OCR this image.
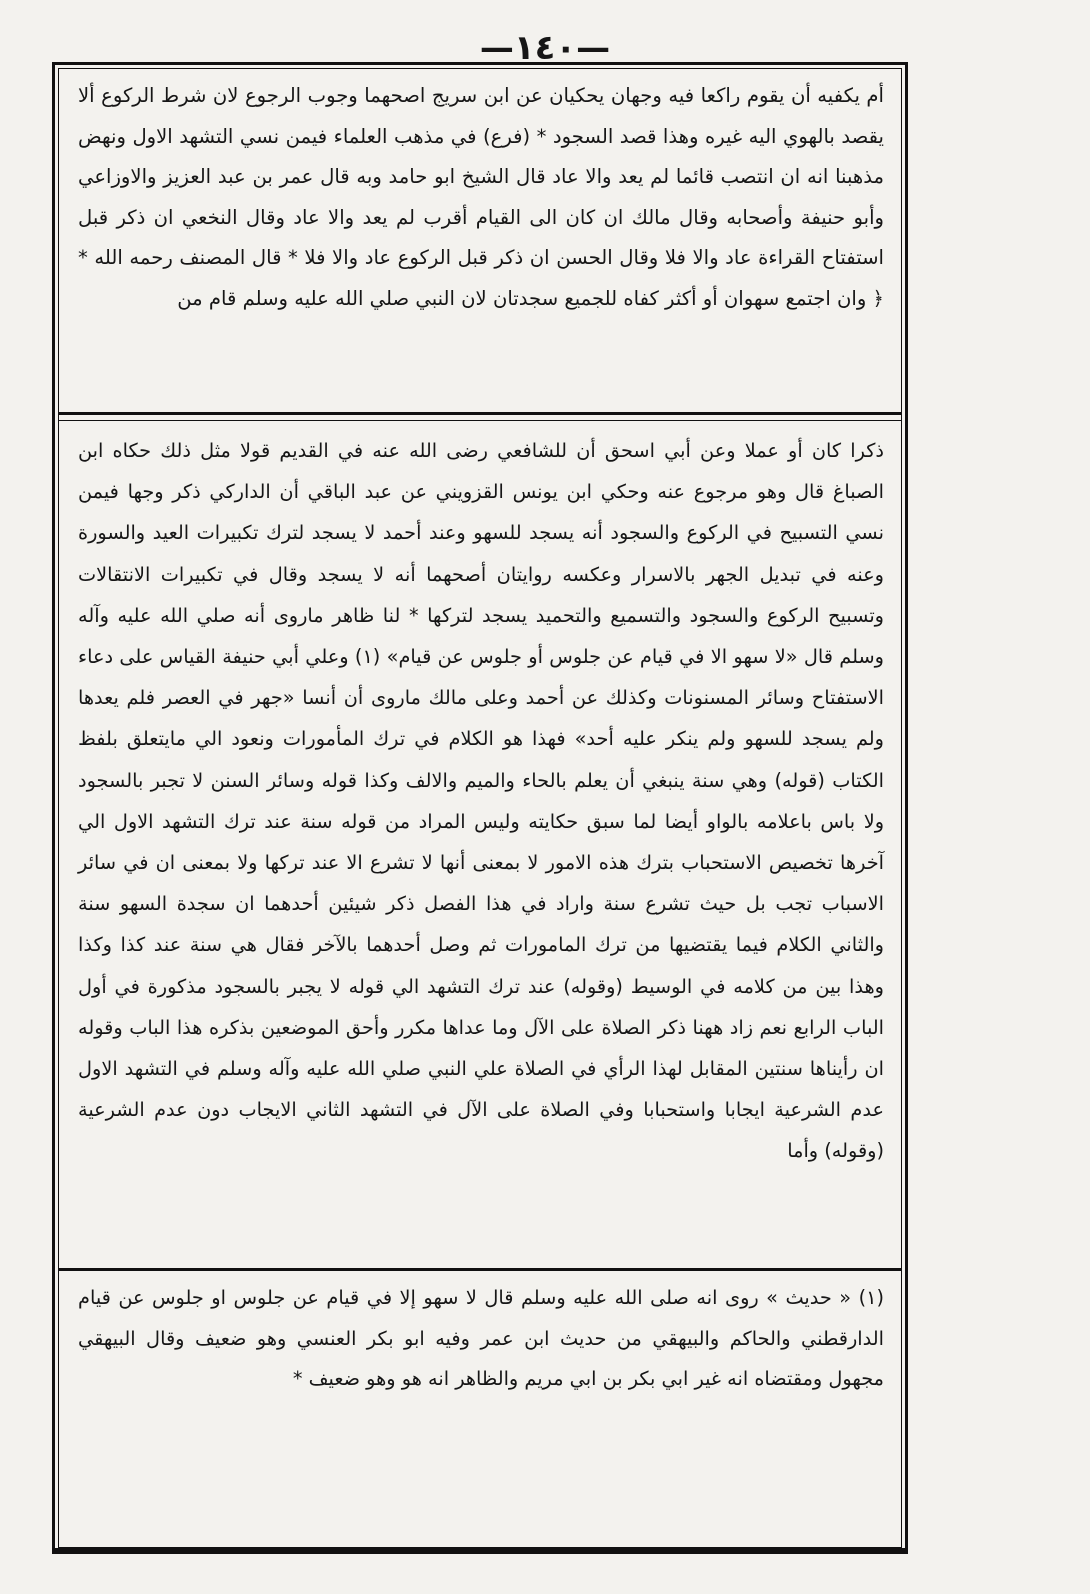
—١٤٠—

أم يكفيه أن يقوم راكعا فيه وجهان يحكيان عن ابن سريج اصحهما وجوب الرجوع لان شرط الركوع ألا يقصد بالهوي اليه غيره وهذا قصد السجود * (فرع) في مذهب العلماء فيمن نسي التشهد الاول ونهض مذهبنا انه ان انتصب قائما لم يعد والا عاد قال الشيخ ابو حامد وبه قال عمر بن عبد العزيز والاوزاعي وأبو حنيفة وأصحابه وقال مالك ان كان الى القيام أقرب لم يعد والا عاد وقال النخعي ان ذكر قبل استفتاح القراءة عاد والا فلا وقال الحسن ان ذكر قبل الركوع عاد والا فلا * قال المصنف رحمه الله * ﴿ وان اجتمع سهوان أو أكثر كفاه للجميع سجدتان لان النبي صلي الله عليه وسلم قام من

ذكرا كان أو عملا وعن أبي اسحق أن للشافعي رضى الله عنه في القديم قولا مثل ذلك حكاه ابن الصباغ قال وهو مرجوع عنه وحكي ابن يونس القزويني عن عبد الباقي أن الداركي ذكر وجها فيمن نسي التسبيح في الركوع والسجود أنه يسجد للسهو وعند أحمد لا يسجد لترك تكبيرات العيد والسورة وعنه في تبديل الجهر بالاسرار وعكسه روايتان أصحهما أنه لا يسجد وقال في تكبيرات الانتقالات وتسبيح الركوع والسجود والتسميع والتحميد يسجد لتركها * لنا ظاهر ماروى أنه صلي الله عليه وآله وسلم قال «لا سهو الا في قيام عن جلوس أو جلوس عن قيام» (١) وعلي أبي حنيفة القياس على دعاء الاستفتاح وسائر المسنونات وكذلك عن أحمد وعلى مالك ماروى أن أنسا «جهر في العصر فلم يعدها ولم يسجد للسهو ولم ينكر عليه أحد» فهذا هو الكلام في ترك المأمورات ونعود الي مايتعلق بلفظ الكتاب (قوله) وهي سنة ينبغي أن يعلم بالحاء والميم والالف وكذا قوله وسائر السنن لا تجبر بالسجود ولا باس باعلامه بالواو أيضا لما سبق حكايته وليس المراد من قوله سنة عند ترك التشهد الاول الي آخرها تخصيص الاستحباب بترك هذه الامور لا بمعنى أنها لا تشرع الا عند تركها ولا بمعنى ان في سائر الاسباب تجب بل حيث تشرع سنة واراد في هذا الفصل ذكر شيئين أحدهما ان سجدة السهو سنة والثاني الكلام فيما يقتضيها من ترك المامورات ثم وصل أحدهما بالآخر فقال هي سنة عند كذا وكذا وهذا بين من كلامه في الوسيط (وقوله) عند ترك التشهد الي قوله لا يجبر بالسجود مذكورة في أول الباب الرابع نعم زاد ههنا ذكر الصلاة على الآل وما عداها مكرر وأحق الموضعين بذكره هذا الباب وقوله ان رأيناها سنتين المقابل لهذا الرأي في الصلاة علي النبي صلي الله عليه وآله وسلم في التشهد الاول عدم الشرعية ايجابا واستحبابا وفي الصلاة على الآل في التشهد الثاني الايجاب دون عدم الشرعية (وقوله) وأما

(١) « حديث » روى انه صلى الله عليه وسلم قال لا سهو إلا في قيام عن جلوس او جلوس عن قيام الدارقطني والحاكم والبيهقي من حديث ابن عمر وفيه ابو بكر العنسي وهو ضعيف وقال البيهقي مجهول ومقتضاه انه غير ابي بكر بن ابي مريم والظاهر انه هو وهو ضعيف *
